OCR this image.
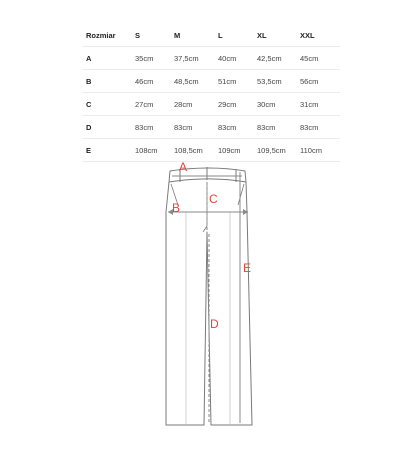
Rozmiar	S	M	L	XL	XXL
A	35cm	37,5cm	40cm	42,5cm	45cm
B	46cm	48,5cm	51cm	53,5cm	56cm
C	27cm	28cm	29cm	30cm	31cm
D	83cm	83cm	83cm	83cm	83cm
E	108cm	108,5cm	109cm	109,5cm	110cm
A
B
C
D
E
